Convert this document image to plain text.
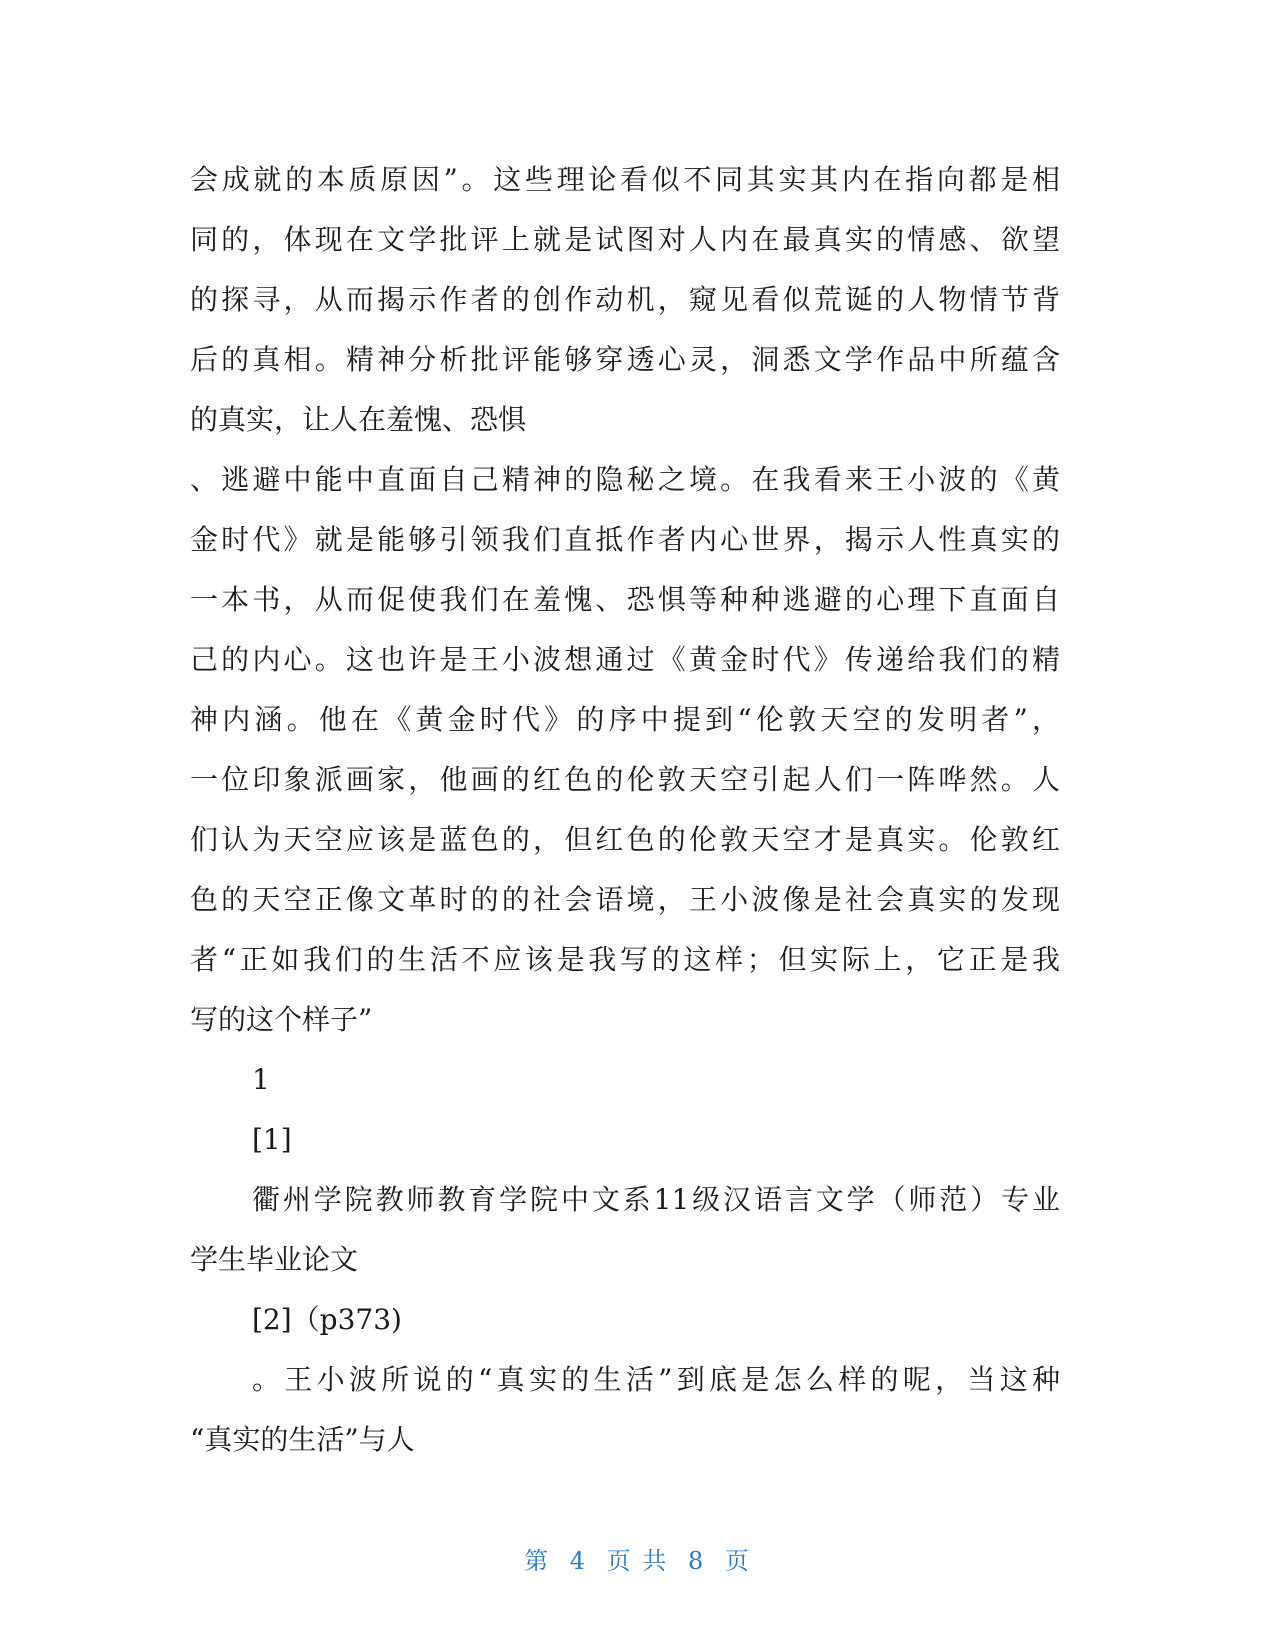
会成就的本质原因”。这些理论看似不同其实其内在指向都是相
同的，体现在文学批评上就是试图对人内在最真实的情感、欲望
的探寻，从而揭示作者的创作动机，窥见看似荒诞的人物情节背
后的真相。精神分析批评能够穿透心灵，洞悉文学作品中所蕴含
的真实，让人在羞愧、恐惧
、逃避中能中直面自己精神的隐秘之境。在我看来王小波的《黄
金时代》就是能够引领我们直抵作者内心世界，揭示人性真实的
一本书，从而促使我们在羞愧、恐惧等种种逃避的心理下直面自
己的内心。这也许是王小波想通过《黄金时代》传递给我们的精
神内涵。他在《黄金时代》的序中提到“伦敦天空的发明者”，
一位印象派画家，他画的红色的伦敦天空引起人们一阵哗然。人
们认为天空应该是蓝色的，但红色的伦敦天空才是真实。伦敦红
色的天空正像文革时的的社会语境，王小波像是社会真实的发现
者“正如我们的生活不应该是我写的这样；但实际上，它正是我
写的这个样子”
1
[1]
衢州学院教师教育学院中文系11级汉语言文学（师范）专业
学生毕业论文
[2]（p373)
。王小波所说的“真实的生活”到底是怎么样的呢，当这种
“真实的生活”与人
第 4 页 共 8 页
